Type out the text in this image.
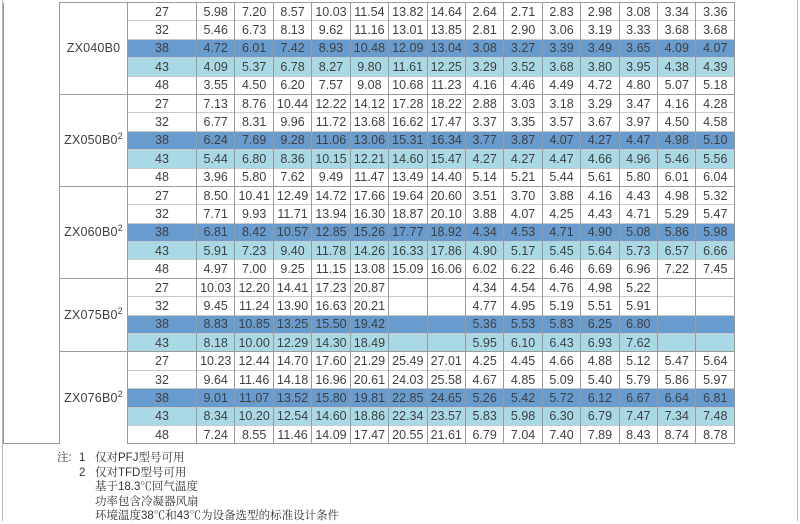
	ZX040B0	27	5.98	7.20	8.57	10.03	11.54	13.82	14.64	2.64	2.71	2.83	2.98	3.08	3.34	3.36
		32	5.46	6.73	8.13	9.62	11.16	13.01	13.85	2.81	2.90	3.06	3.19	3.33	3.68	3.68
		38	4.72	6.01	7.42	8.93	10.48	12.09	13.04	3.08	3.27	3.39	3.49	3.65	4.09	4.07
		43	4.09	5.37	6.78	8.27	9.80	11.61	12.25	3.29	3.52	3.68	3.80	3.95	4.38	4.39
		48	3.55	4.50	6.20	7.57	9.08	10.68	11.23	4.16	4.46	4.49	4.72	4.80	5.07	5.18
	$ZX050B0^2$	27	7.13	8.76	10.44	12.22	14.12	17.28	18.22	2.88	3.03	3.18	3.29	3.47	4.16	4.28
		32	6.77	8.31	9.96	11.72	13.68	16.62	17.47	3.37	3.35	3.57	3.67	3.97	4.50	4.58
		38	6.24	7.69	9.28	11.06	13.06	15.31	16.34	3.77	3.87	4.07	4.27	4.47	4.98	5.10
		43	5.44	6.80	8.36	10.15	12.21	14.60	15.47	4.27	4.27	4.47	4.66	4.96	5.46	5.56
		48	3.96	5.80	7.62	9.49	11.47	13.49	14.40	5.14	5.21	5.44	5.61	5.80	6.01	6.04
	$ZX060B0^2$	27	8.50	10.41	12.49	14.72	17.66	19.64	20.60	3.51	3.70	3.88	4.16	4.43	4.98	5.32
		32	7.71	9.93	11.71	13.94	16.30	18.87	20.10	3.88	4.07	4.25	4.43	4.71	5.29	5.47
		38	6.81	8.42	10.57	12.85	15.26	17.77	18.92	4.34	4.53	4.71	4.90	5.08	5.86	5.98
		43	5.91	7.23	9.40	11.78	14.26	16.33	17.86	4.90	5.17	5.45	5.64	5.73	6.57	6.66
		48	4.97	7.00	9.25	11.15	13.08	15.09	16.06	6.02	6.22	6.46	6.69	6.96	7.22	7.45
	$ZX075B0^2$	27	10.03	12.20	14.41	17.23	20.87			4.34	4.54	4.76	4.98	5.22		
		32	9.45	11.24	13.90	16.63	20.21			4.77	4.95	5.19	5.51	5.91		
		38	8.83	10.85	13.25	15.50	19.42			5.36	5.53	5.83	6.25	6.80		
		43	8.18	10.00	12.29	14.30	18.49			5.95	6.10	6.43	6.93	7.62		
	$ZX076B0^2$	27	10.23	12.44	14.70	17.60	21.29	25.49	27.01	4.25	4.45	4.66	4.88	5.12	5.47	5.64
		32	9.64	11.46	14.18	16.96	20.61	24.03	25.58	4.67	4.85	5.09	5.40	5.79	5.86	5.97
		38	9.01	11.07	13.52	15.80	19.81	22.85	24.65	5.26	5.42	5.72	6.12	6.67	6.64	6.81
		43	8.34	10.20	12.54	14.60	18.86	22.34	23.57	5.83	5.98	6.30	6.79	7.47	7.34	7.48
		48	7.24	8.55	11.46	14.09	17.47	20.55	21.61	6.79	7.04	7.40	7.89	8.43	8.74	8.78
注: 1 仅对PFJ型号可用
2 仅对TFD型号可用
基于18.3℃回气温度
功率包含冷凝器风扇
环境温度38℃和43℃为设备选型的标准设计条件
